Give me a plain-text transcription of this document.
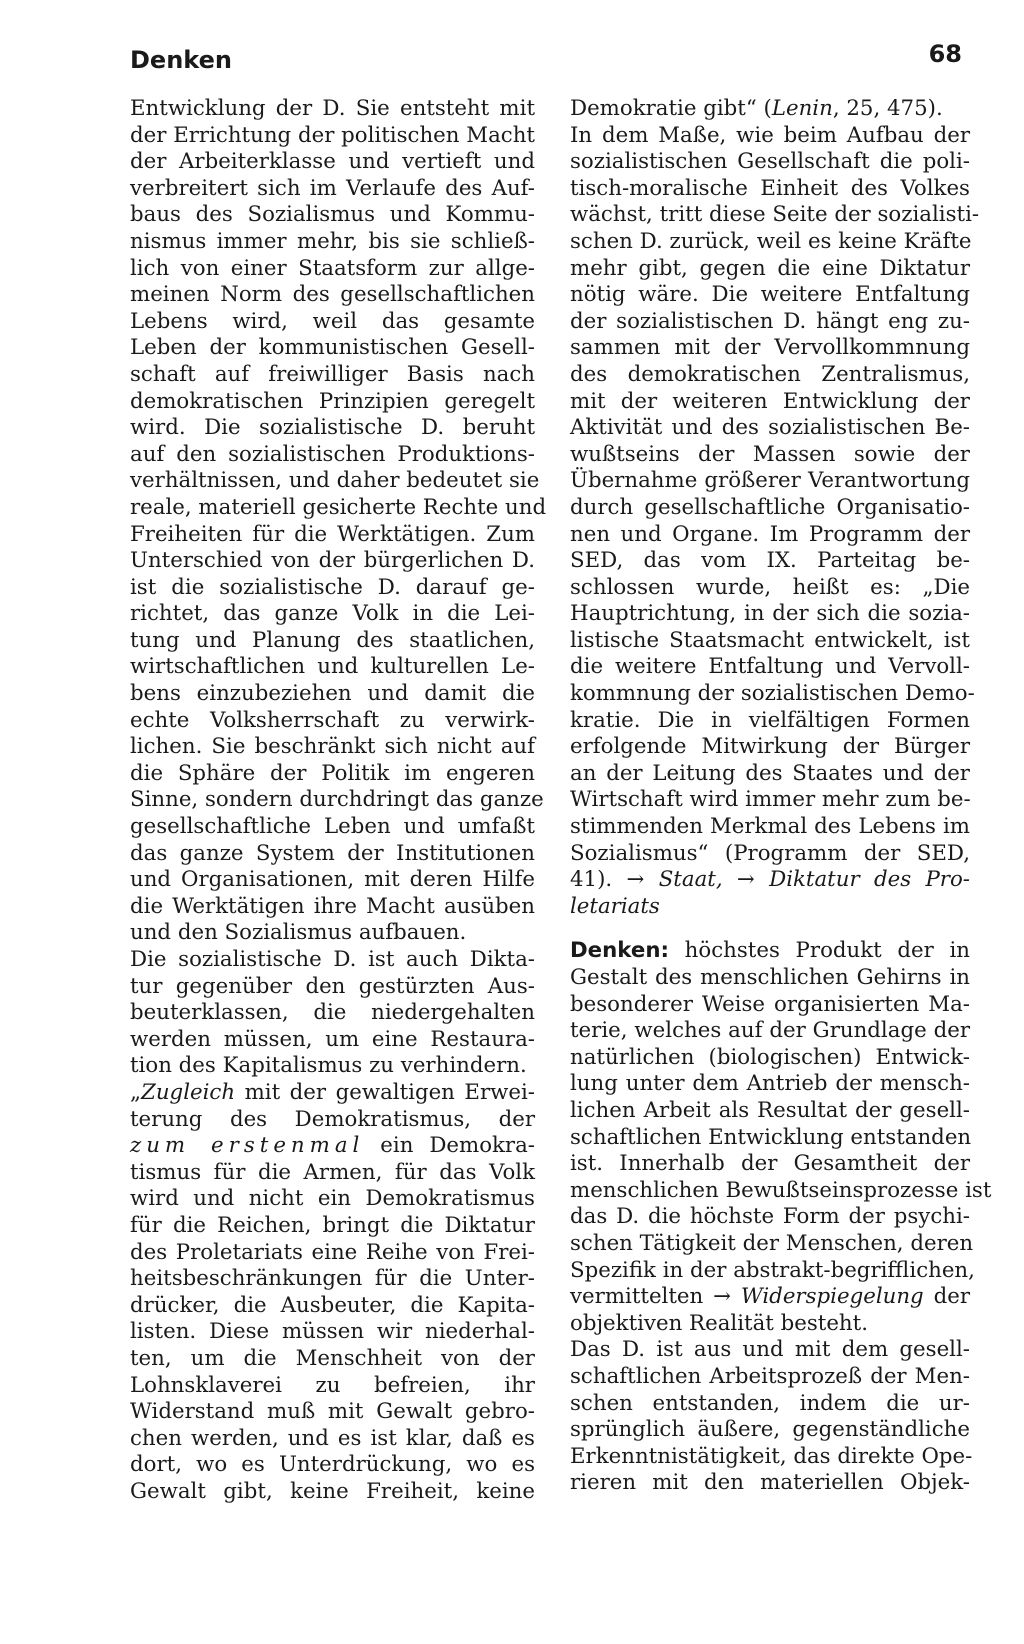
Denken	68
Entwicklung der D. Sie entsteht mit
der Errichtung der politischen Macht
der Arbeiterklasse und vertieft und
verbreitert sich im Verlaufe des Auf-
baus des Sozialismus und Kommu-
nismus immer mehr, bis sie schließ-
lich von einer Staatsform zur allge-
meinen Norm des gesellschaftlichen
Lebens wird, weil das gesamte
Leben der kommunistischen Gesell-
schaft auf freiwilliger Basis nach
demokratischen Prinzipien geregelt
wird. Die sozialistische D. beruht
auf den sozialistischen Produktions-
verhältnissen, und daher bedeutet sie
reale, materiell gesicherte Rechte und
Freiheiten für die Werktätigen. Zum
Unterschied von der bürgerlichen D.
ist die sozialistische D. darauf ge-
richtet, das ganze Volk in die Lei-
tung und Planung des staatlichen,
wirtschaftlichen und kulturellen Le-
bens einzubeziehen und damit die
echte Volksherrschaft zu verwirk-
lichen. Sie beschränkt sich nicht auf
die Sphäre der Politik im engeren
Sinne, sondern durchdringt das ganze
gesellschaftliche Leben und umfaßt
das ganze System der Institutionen
und Organisationen, mit deren Hilfe
die Werktätigen ihre Macht ausüben
und den Sozialismus aufbauen.
Die sozialistische D. ist auch Dikta-
tur gegenüber den gestürzten Aus-
beuterklassen, die niedergehalten
werden müssen, um eine Restaura-
tion des Kapitalismus zu verhindern.
„Zugleich mit der gewaltigen Erwei-
terung des Demokratismus, der
zum erstenmal ein Demokra-
tismus für die Armen, für das Volk
wird und nicht ein Demokratismus
für die Reichen, bringt die Diktatur
des Proletariats eine Reihe von Frei-
heitsbeschränkungen für die Unter-
drücker, die Ausbeuter, die Kapita-
listen. Diese müssen wir niederhal-
ten, um die Menschheit von der
Lohnsklaverei zu befreien, ihr
Widerstand muß mit Gewalt gebro-
chen werden, und es ist klar, daß es
dort, wo es Unterdrückung, wo es
Gewalt gibt, keine Freiheit, keine
Demokratie gibt“ (Lenin, 25, 475).
In dem Maße, wie beim Aufbau der
sozialistischen Gesellschaft die poli-
tisch-moralische Einheit des Volkes
wächst, tritt diese Seite der sozialisti-
schen D. zurück, weil es keine Kräfte
mehr gibt, gegen die eine Diktatur
nötig wäre. Die weitere Entfaltung
der sozialistischen D. hängt eng zu-
sammen mit der Vervollkommnung
des demokratischen Zentralismus,
mit der weiteren Entwicklung der
Aktivität und des sozialistischen Be-
wußtseins der Massen sowie der
Übernahme größerer Verantwortung
durch gesellschaftliche Organisatio-
nen und Organe. Im Programm der
SED, das vom IX. Parteitag be-
schlossen wurde, heißt es: „Die
Hauptrichtung, in der sich die sozia-
listische Staatsmacht entwickelt, ist
die weitere Entfaltung und Vervoll-
kommnung der sozialistischen Demo-
kratie. Die in vielfältigen Formen
erfolgende Mitwirkung der Bürger
an der Leitung des Staates und der
Wirtschaft wird immer mehr zum be-
stimmenden Merkmal des Lebens im
Sozialismus“ (Programm der SED,
41). → Staat, → Diktatur des Pro-
letariats
Denken: höchstes Produkt der in
Gestalt des menschlichen Gehirns in
besonderer Weise organisierten Ma-
terie, welches auf der Grundlage der
natürlichen (biologischen) Entwick-
lung unter dem Antrieb der mensch-
lichen Arbeit als Resultat der gesell-
schaftlichen Entwicklung entstanden
ist. Innerhalb der Gesamtheit der
menschlichen Bewußtseinsprozesse ist
das D. die höchste Form der psychi-
schen Tätigkeit der Menschen, deren
Spezifik in der abstrakt-begrifflichen,
vermittelten → Widerspiegelung der
objektiven Realität besteht.
Das D. ist aus und mit dem gesell-
schaftlichen Arbeitsprozeß der Men-
schen entstanden, indem die ur-
sprünglich äußere, gegenständliche
Erkenntnistätigkeit, das direkte Ope-
rieren mit den materiellen Objek-
